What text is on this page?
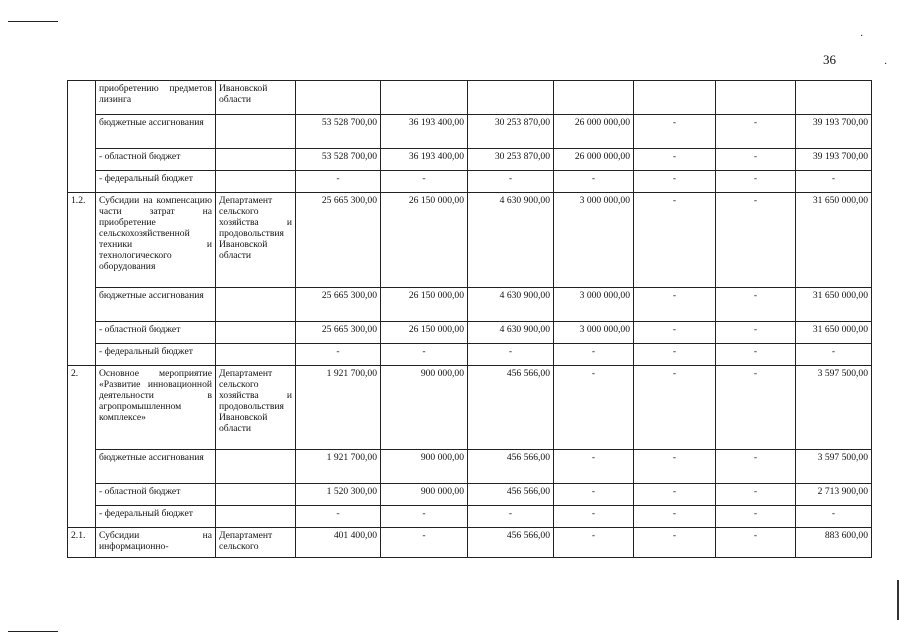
·
·
36
	приобретению предметов лизинга	Ивановской области							
	бюджетные ассигнования		53 528 700,00	36 193 400,00	30 253 870,00	26 000 000,00	-	-	39 193 700,00
	- областной бюджет		53 528 700,00	36 193 400,00	30 253 870,00	26 000 000,00	-	-	39 193 700,00
	- федеральный бюджет		-	-	-	-	-	-	-
1.2.	Субсидии на компенсацию части затрат на приобретение сельскохозяйственной техники и технологического оборудования	Департамент сельского хозяйства и продовольствия Ивановской области	25 665 300,00	26 150 000,00	4 630 900,00	3 000 000,00	-	-	31 650 000,00
	бюджетные ассигнования		25 665 300,00	26 150 000,00	4 630 900,00	3 000 000,00	-	-	31 650 000,00
	- областной бюджет		25 665 300,00	26 150 000,00	4 630 900,00	3 000 000,00	-	-	31 650 000,00
	- федеральный бюджет		-	-	-	-	-	-	-
2.	Основное мероприятие «Развитие инновационной деятельности в агропромышленном комплексе»	Департамент сельского хозяйства и продовольствия Ивановской области	1 921 700,00	900 000,00	456 566,00	-	-	-	3 597 500,00
	бюджетные ассигнования		1 921 700,00	900 000,00	456 566,00	-	-	-	3 597 500,00
	- областной бюджет		1 520 300,00	900 000,00	456 566,00	-	-	-	2 713 900,00
	- федеральный бюджет		-	-	-	-	-	-	-
2.1.	Субсидии на информационно-	Департамент сельского	401 400,00	-	456 566,00	-	-	-	883 600,00
